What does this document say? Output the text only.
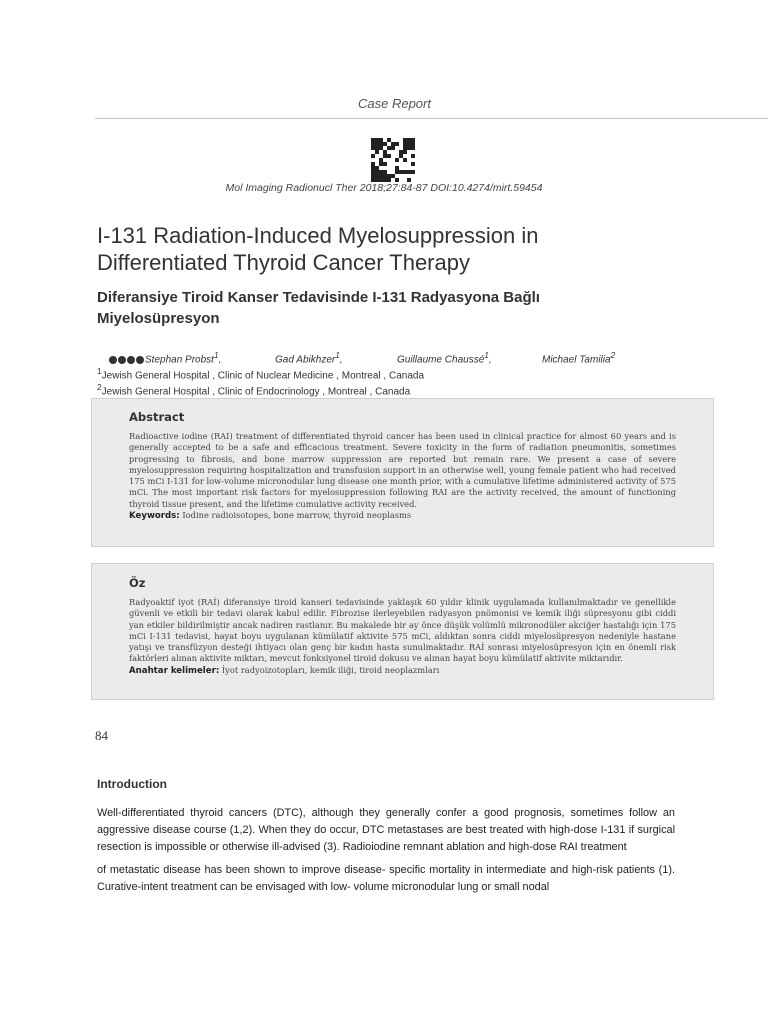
Case Report
Mol Imaging Radionucl Ther 2018;27:84-87 DOI:10.4274/mirt.59454
I-131 Radiation-Induced Myelosuppression in
Differentiated Thyroid Cancer Therapy
Diferansiye Tiroid Kanser Tedavisinde I-131 Radyasyona Bağlı
Miyelosüpresyon
Stephan Probst$^1$,	Gad Abikhzer$^1$,	Guillaume Chaussé$^1$,	Michael Tamilia$^2$
$^1$Jewish General Hospital , Clinic of Nuclear Medicine , Montreal , Canada
$^2$Jewish General Hospital , Clinic of Endocrinology , Montreal , Canada
Abstract

Radioactive iodine (RAI) treatment of differentiated thyroid cancer has been used in clinical practice for almost 60 years and is generally accepted to be a safe and efficacious treatment. Severe toxicity in the form of radiation pneumonitis, sometimes progressing to fibrosis, and bone marrow suppression are reported but remain rare. We present a case of severe myelosuppression requiring hospitalization and transfusion support in an otherwise well, young female patient who had received 175 mCi I-131 for low-volume micronodular lung disease one month prior, with a cumulative lifetime administered activity of 575 mCi. The most important risk factors for myelosuppression following RAI are the activity received, the amount of functioning thyroid tissue present, and the lifetime cumulative activity received.

Keywords: Iodine radioisotopes, bone marrow, thyroid neoplasms
Öz

Radyoaktif iyot (RAİ) diferansiye tiroid kanseri tedavisinde yaklaşık 60 yıldır klinik uygulamada kullanılmaktadır ve genellikle güvenli ve etkili bir tedavi olarak kabul edilir. Fibrozise ilerleyebilen radyasyon pnömonisi ve kemik iliği süpresyonu gibi ciddi yan etkiler bildirilmiştir ancak nadiren rastlanır. Bu makalede bir ay önce düşük volümlü mikronodüler akciğer hastalığı için 175 mCi I-131 tedavisi, hayat boyu uygulanan kümülatif aktivite 575 mCi, aldıktan sonra ciddi miyelosüpresyon nedeniyle hastane yatışı ve transfüzyon desteği ihtiyacı olan genç bir kadın hasta sunulmaktadır. RAİ sonrası miyelosüpresyon için en önemli risk faktörleri alınan aktivite miktarı, mevcut fonksiyonel tiroid dokusu ve alınan hayat boyu kümülatif aktivite miktarıdır.

Anahtar kelimeler: İyot radyoizotopları, kemik iliği, tiroid neoplazmları
84
Introduction
Well-differentiated thyroid cancers (DTC), although they generally confer a good prognosis, sometimes follow an aggressive disease course (1,2). When they do occur, DTC metastases are best treated with high-dose I-131 if surgical resection is impossible or otherwise ill-advised (3). Radioiodine remnant ablation and high-dose RAI treatment
of metastatic disease has been shown to improve disease- specific mortality in intermediate and high-risk patients (1). Curative-intent treatment can be envisaged with low- volume micronodular lung or small nodal
